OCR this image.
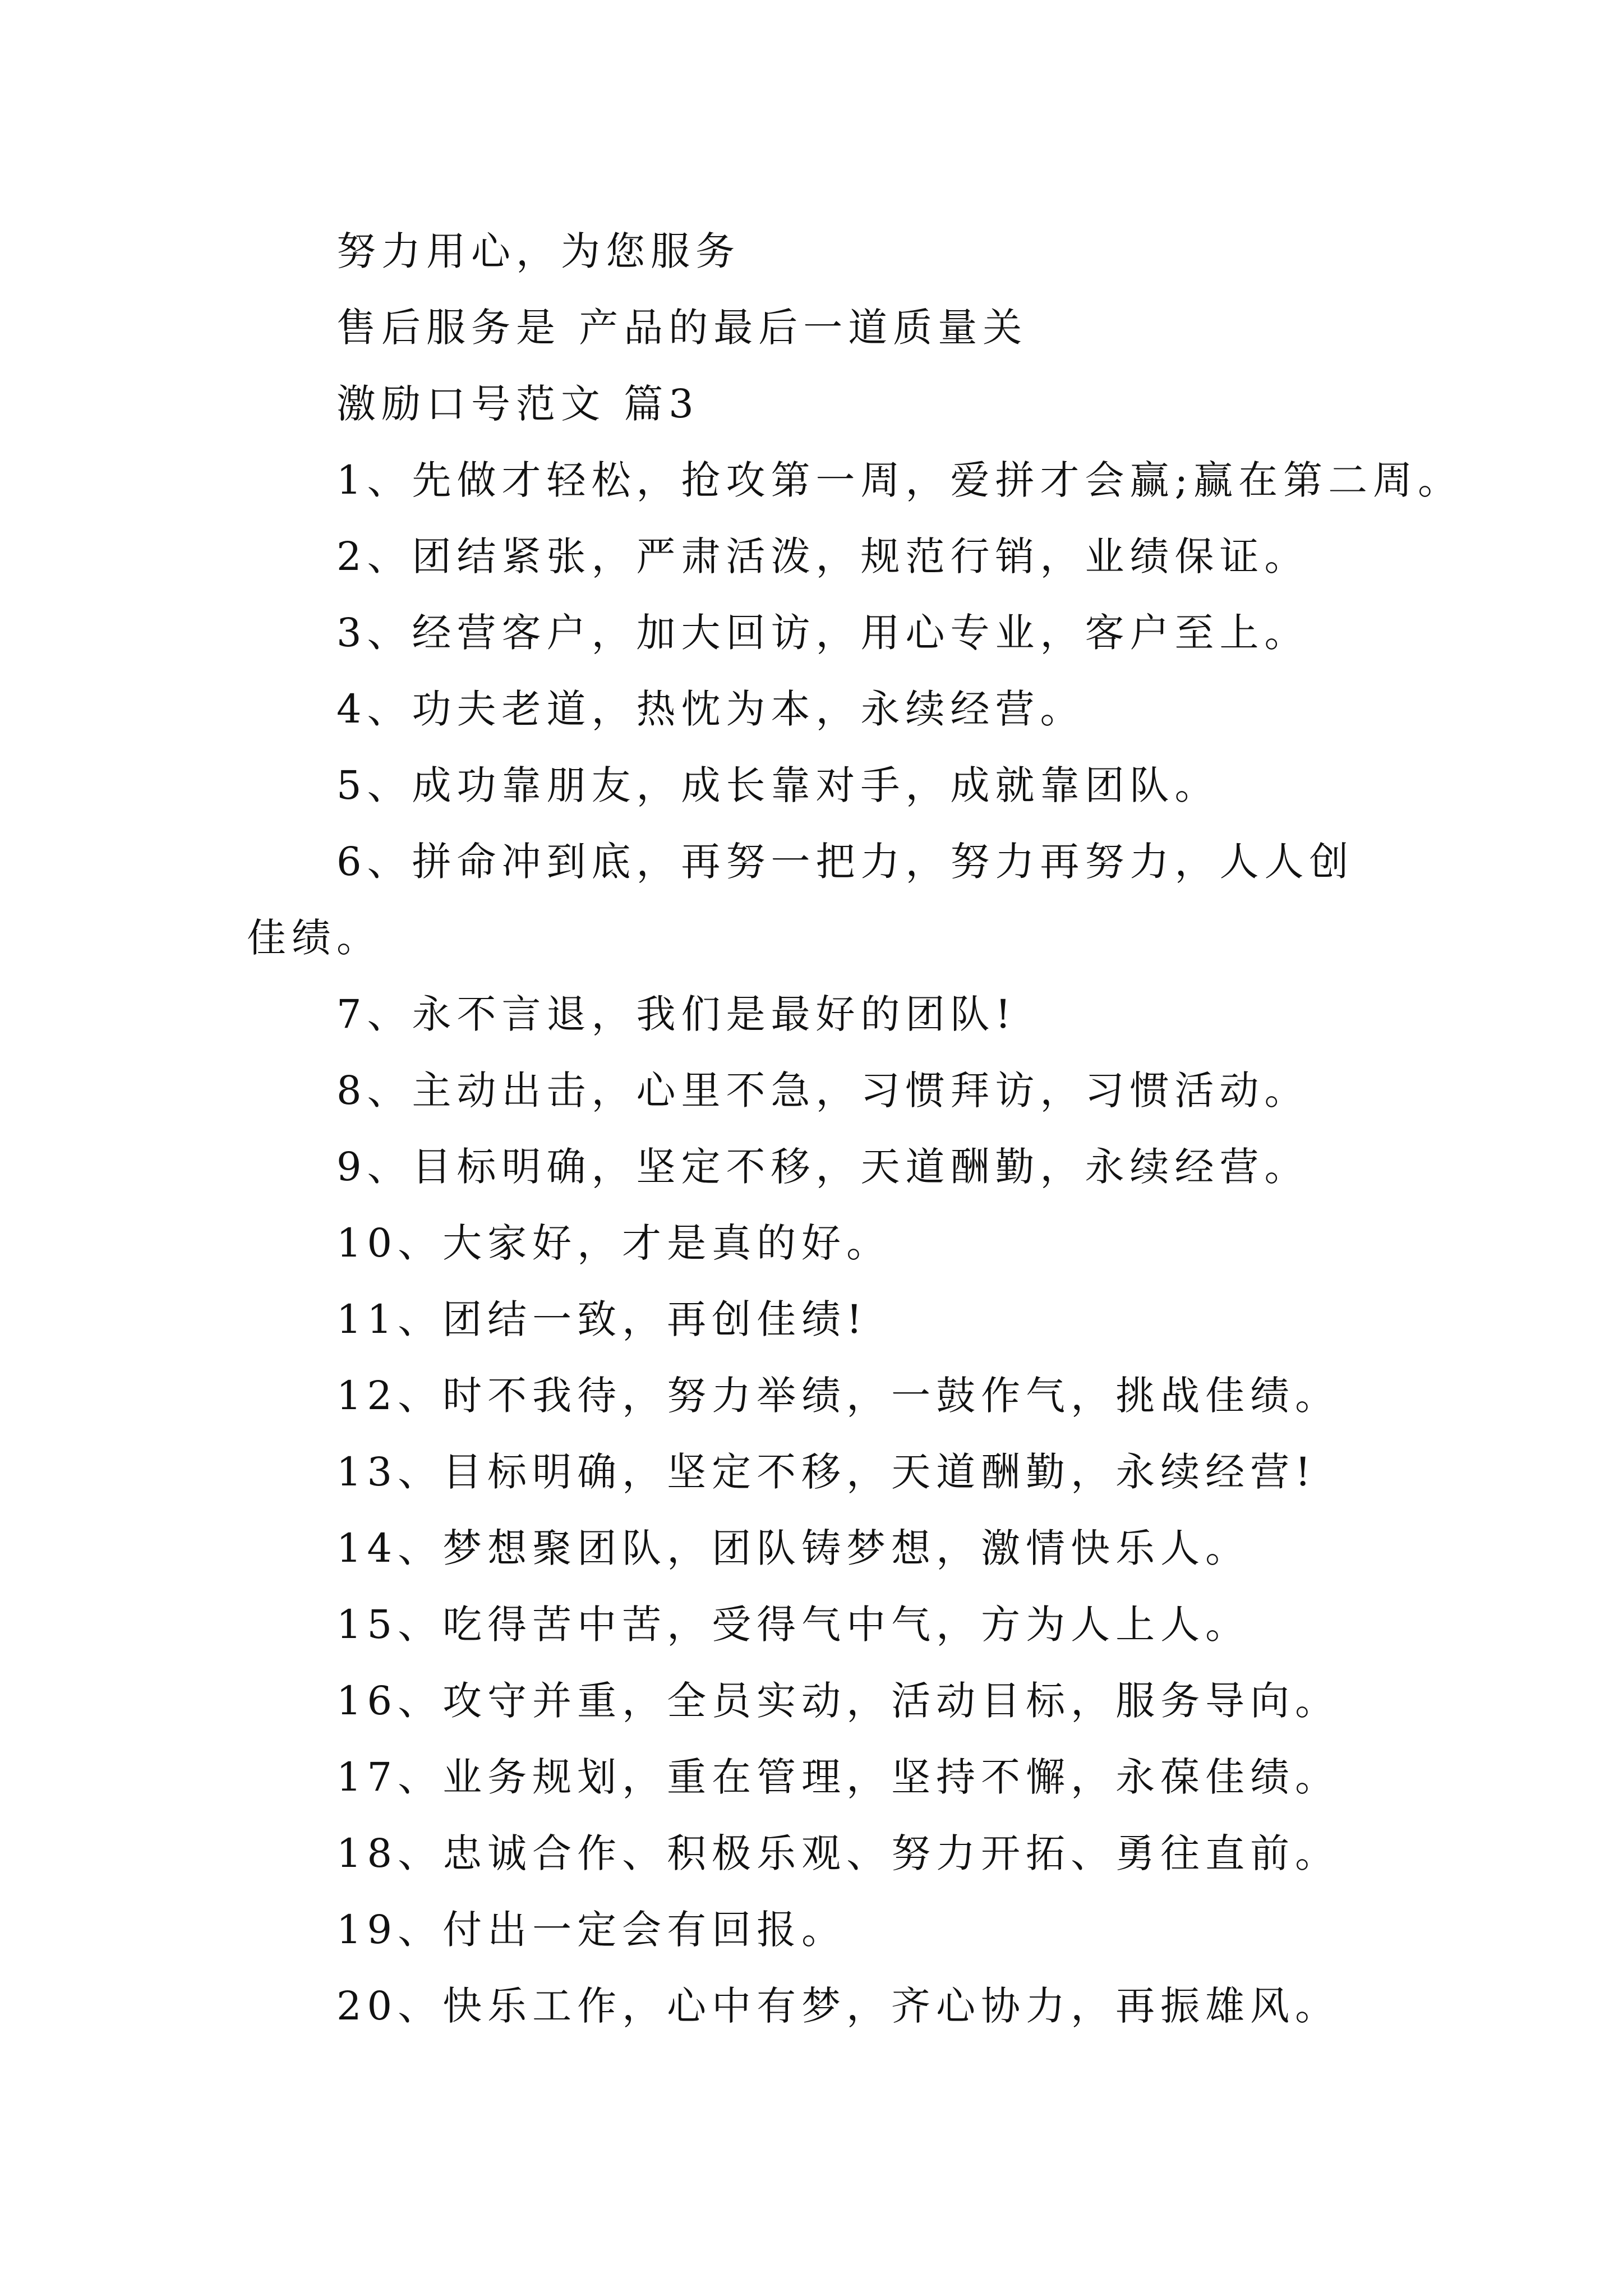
努力用心，为您服务

售后服务是 产品的最后一道质量关

激励口号范文 篇3

1、先做才轻松，抢攻第一周，爱拼才会赢;赢在第二周。

2、团结紧张，严肃活泼，规范行销，业绩保证。

3、经营客户，加大回访，用心专业，客户至上。

4、功夫老道，热忱为本，永续经营。

5、成功靠朋友，成长靠对手，成就靠团队。

6、拼命冲到底，再努一把力，努力再努力，人人创佳绩。

7、永不言退，我们是最好的团队!

8、主动出击，心里不急，习惯拜访，习惯活动。

9、目标明确，坚定不移，天道酬勤，永续经营。

10、大家好，才是真的好。

11、团结一致，再创佳绩!

12、时不我待，努力举绩，一鼓作气，挑战佳绩。

13、目标明确，坚定不移，天道酬勤，永续经营!

14、梦想聚团队，团队铸梦想，激情快乐人。

15、吃得苦中苦，受得气中气，方为人上人。

16、攻守并重，全员实动，活动目标，服务导向。

17、业务规划，重在管理，坚持不懈，永葆佳绩。

18、忠诚合作、积极乐观、努力开拓、勇往直前。

19、付出一定会有回报。

20、快乐工作，心中有梦，齐心协力，再振雄风。
